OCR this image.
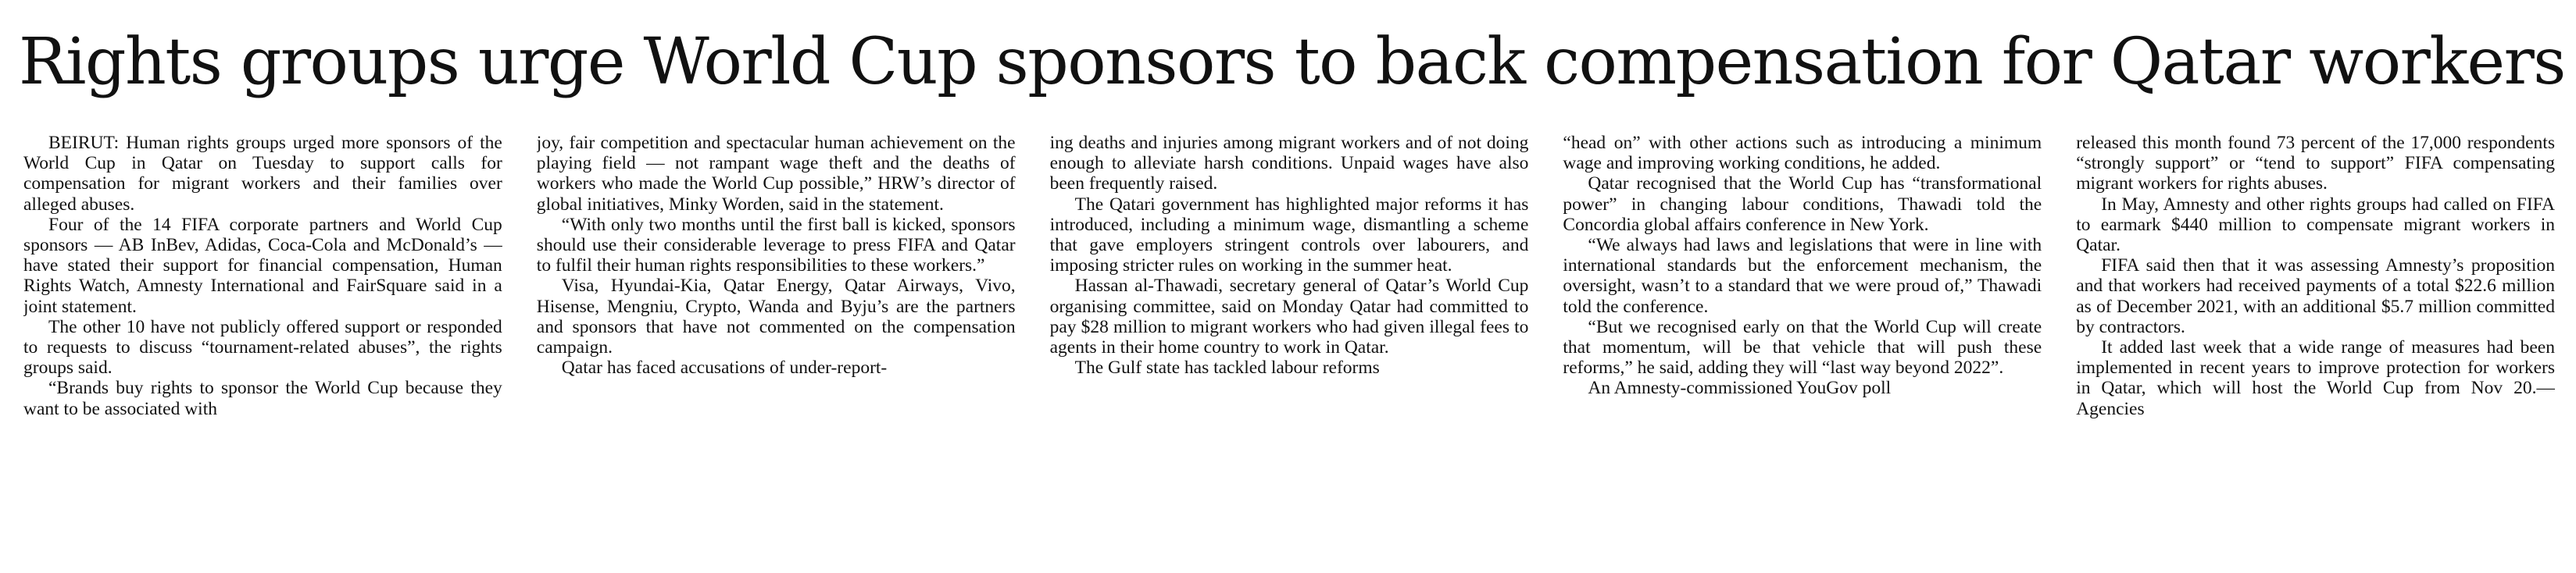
Rights groups urge World Cup sponsors to back compensation for Qatar workers

BEIRUT: Human rights groups urged more sponsors of the World Cup in Qatar on Tuesday to support calls for compensation for migrant workers and their families over alleged abuses.

Four of the 14 FIFA corporate partners and World Cup sponsors — AB InBev, Adidas, Coca-Cola and McDonald’s — have stated their support for financial compensation, Human Rights Watch, Amnesty International and FairSquare said in a joint statement.

The other 10 have not publicly offered support or responded to requests to discuss “tournament-related abuses”, the rights groups said.

“Brands buy rights to sponsor the World Cup because they want to be associated with

joy, fair competition and spectacular human achievement on the playing field — not rampant wage theft and the deaths of workers who made the World Cup possible,” HRW’s director of global initiatives, Minky Worden, said in the statement.

“With only two months until the first ball is kicked, sponsors should use their considerable leverage to press FIFA and Qatar to fulfil their human rights responsibilities to these workers.”

Visa, Hyundai-Kia, Qatar Energy, Qatar Airways, Vivo, Hisense, Mengniu, Crypto, Wanda and Byju’s are the partners and sponsors that have not commented on the compensation campaign.

Qatar has faced accusations of under-report-

ing deaths and injuries among migrant workers and of not doing enough to alleviate harsh conditions. Unpaid wages have also been frequently raised.

The Qatari government has highlighted major reforms it has introduced, including a minimum wage, dismantling a scheme that gave employers stringent controls over labourers, and imposing stricter rules on working in the summer heat.

Hassan al-Thawadi, secretary general of Qatar’s World Cup organising committee, said on Monday Qatar had committed to pay $28 million to migrant workers who had given illegal fees to agents in their home country to work in Qatar.

The Gulf state has tackled labour reforms

“head on” with other actions such as introducing a minimum wage and improving working conditions, he added.

Qatar recognised that the World Cup has “transformational power” in changing labour conditions, Thawadi told the Concordia global affairs conference in New York.

“We always had laws and legislations that were in line with international standards but the enforcement mechanism, the oversight, wasn’t to a standard that we were proud of,” Thawadi told the conference.

“But we recognised early on that the World Cup will create that momentum, will be that vehicle that will push these reforms,” he said, adding they will “last way beyond 2022”.

An Amnesty-commissioned YouGov poll

released this month found 73 percent of the 17,000 respondents “strongly support” or “tend to support” FIFA compensating migrant workers for rights abuses.

In May, Amnesty and other rights groups had called on FIFA to earmark $440 million to compensate migrant workers in Qatar.

FIFA said then that it was assessing Amnesty’s proposition and that workers had received payments of a total $22.6 million as of December 2021, with an additional $5.7 million committed by contractors.

It added last week that a wide range of measures had been implemented in recent years to improve protection for workers in Qatar, which will host the World Cup from Nov 20.—Agencies
